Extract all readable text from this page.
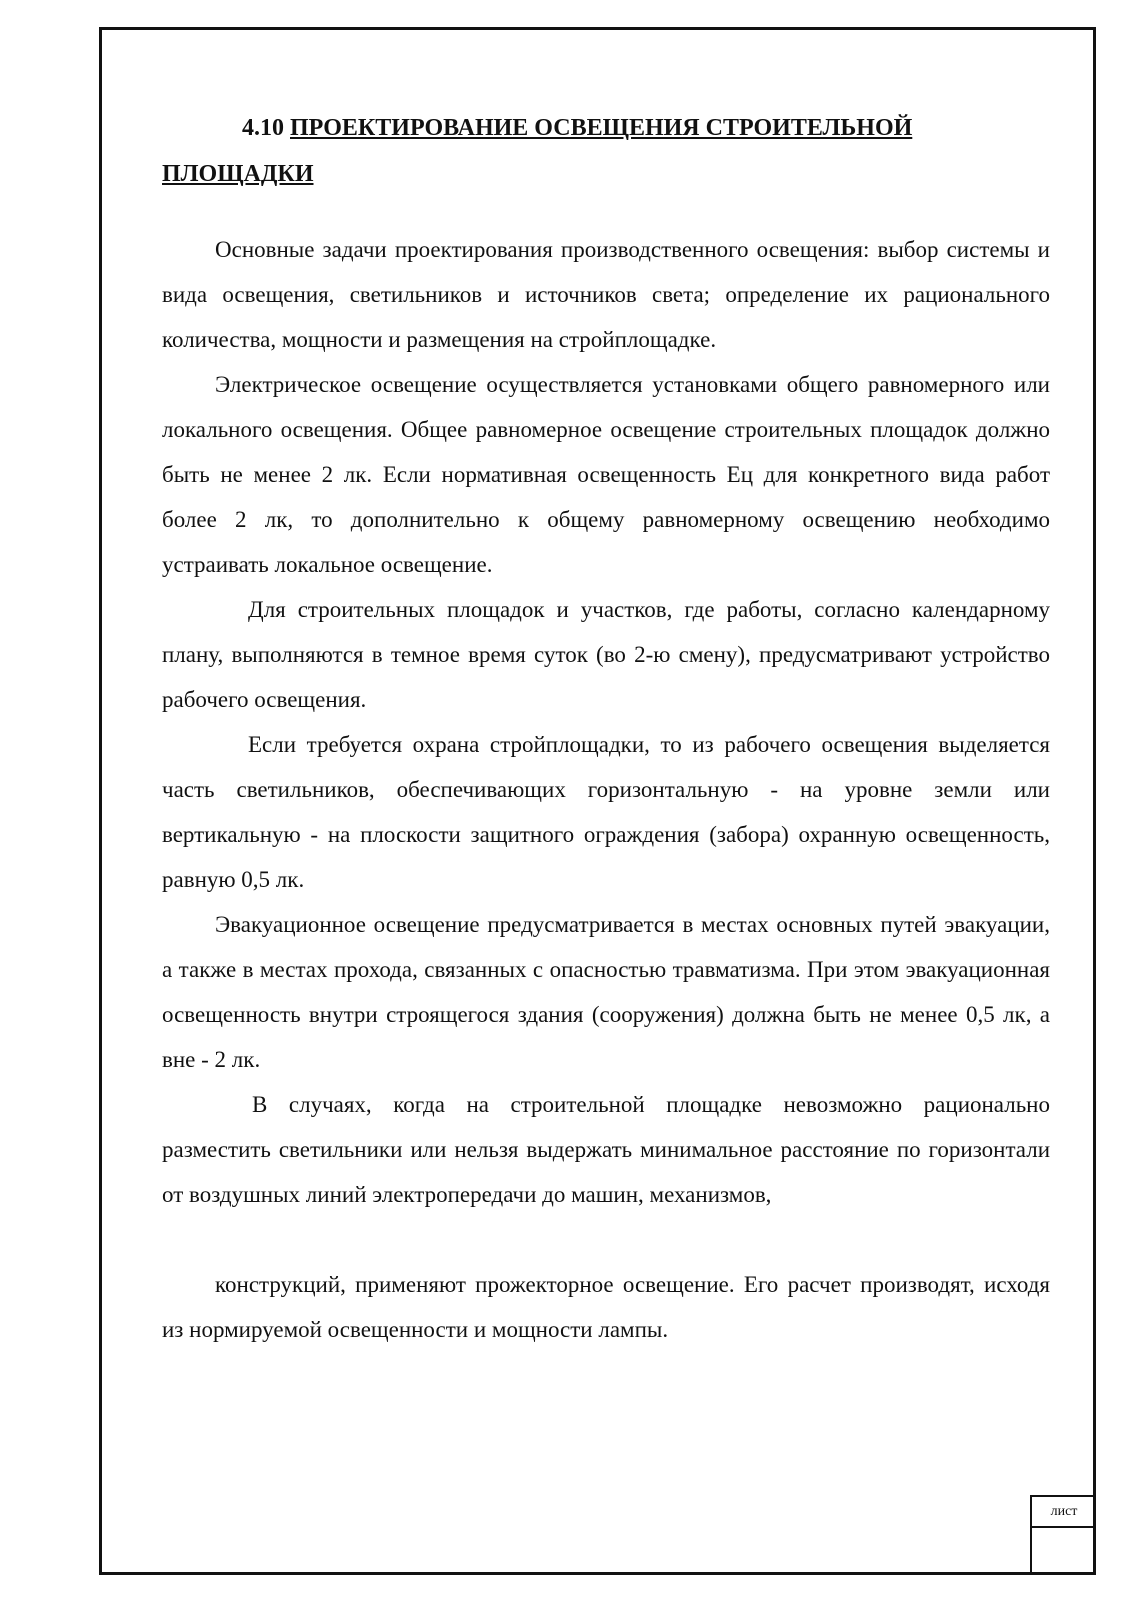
4.10 ПРОЕКТИРОВАНИЕ ОСВЕЩЕНИЯ СТРОИТЕЛЬНОЙ ПЛОЩАДКИ

Основные задачи проектирования производственного освещения: выбор системы и вида освещения, светильников и источников света; определение их рационального количества, мощности и размещения на стройплощадке.

Электрическое освещение осуществляется установками общего равномерного или локального освещения. Общее равномерное освещение строительных площадок должно быть не менее 2 лк. Если нормативная освещенность Ец для конкретного вида работ более 2 лк, то дополнительно к общему равномерному освещению необходимо устраивать локальное освещение.

Для строительных площадок и участков, где работы, согласно календарному плану, выполняются в темное время суток (во 2-ю смену), предусматривают устройство рабочего освещения.

Если требуется охрана стройплощадки, то из рабочего освещения выделяется часть светильников, обеспечивающих горизонтальную - на уровне земли или вертикальную - на плоскости защитного ограждения (забора) охранную освещенность, равную 0,5 лк.

Эвакуационное освещение предусматривается в местах основных путей эвакуации, а также в местах прохода, связанных с опасностью травматизма. При этом эвакуационная освещенность внутри строящегося здания (сооружения) должна быть не менее 0,5 лк, а вне - 2 лк.

В случаях, когда на строительной площадке невозможно рационально разместить светильники или нельзя выдержать минимальное расстояние по горизонтали от воздушных линий электропередачи до машин, механизмов,

конструкций, применяют прожекторное освещение. Его расчет производят, исходя из нормируемой освещенности и мощности лампы.

лист
